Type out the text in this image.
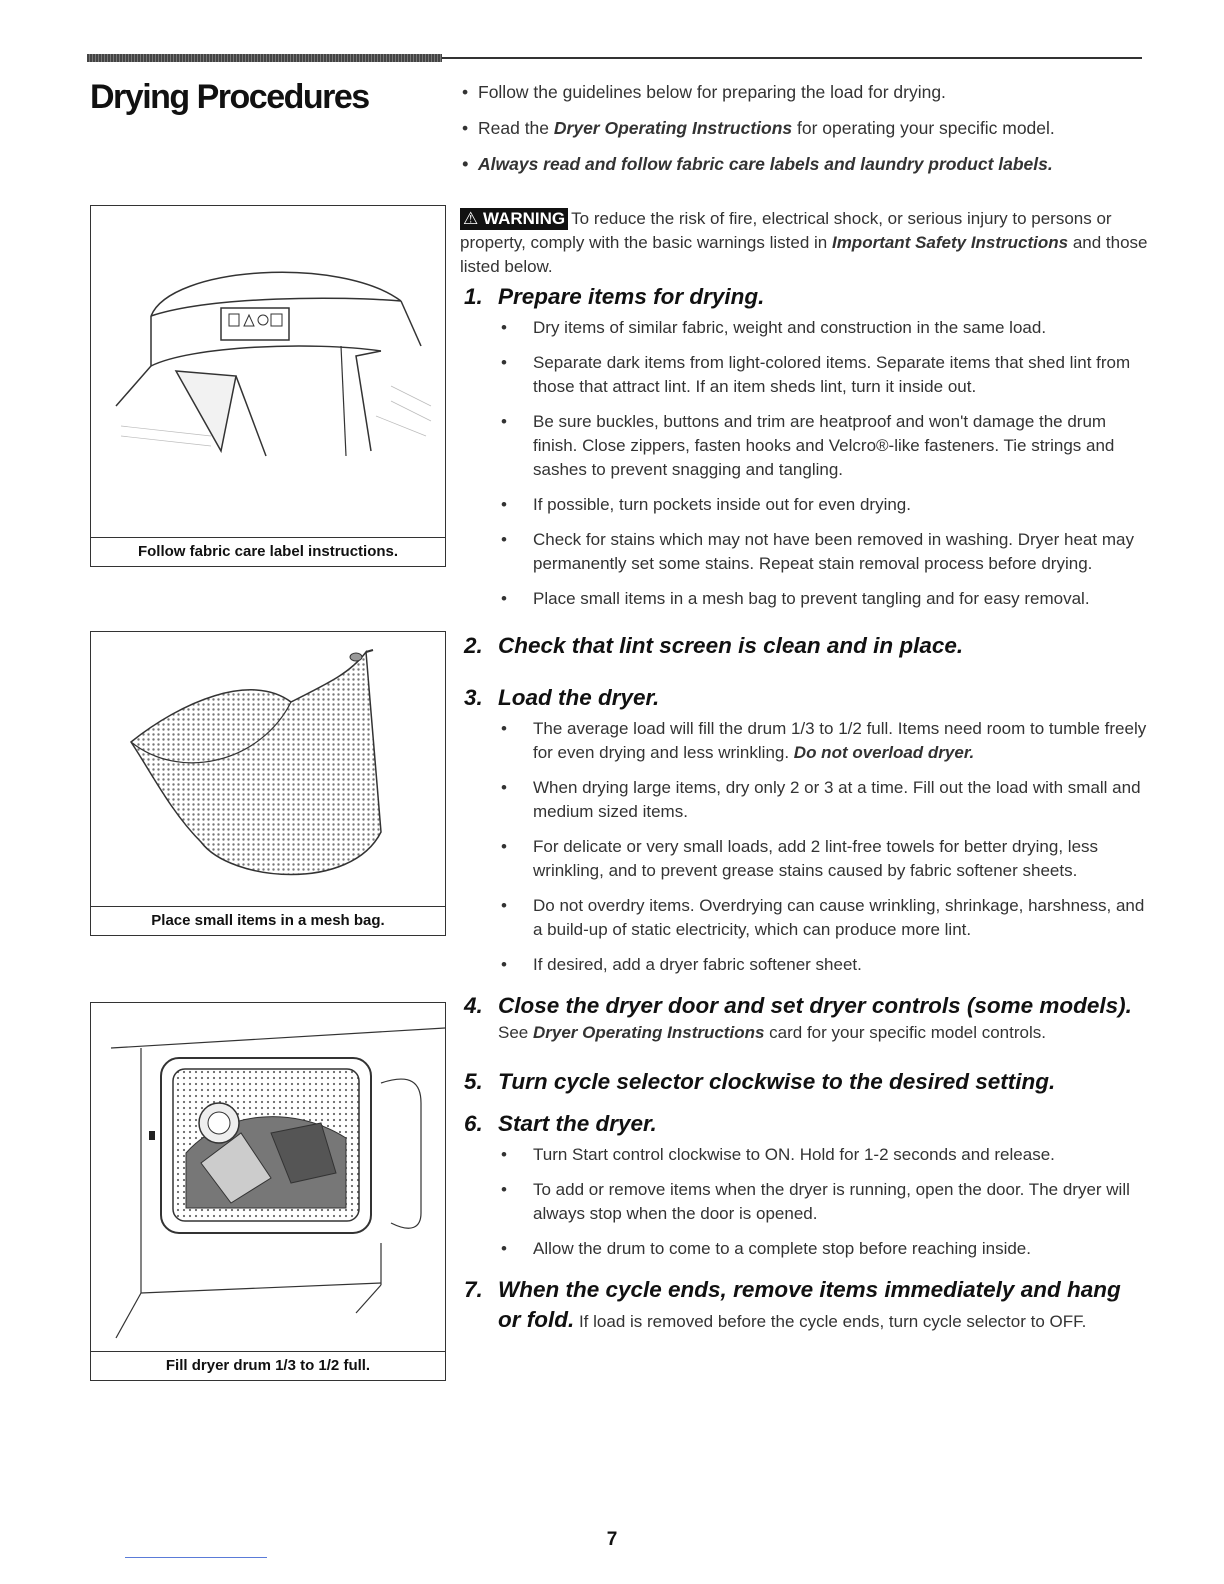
Drying Procedures	• Follow the guidelines below for preparing the load for drying.

• Read the Dryer Operating Instructions for operating your specific model.

• Always read and follow fabric care labels and laundry product labels.

Follow fabric care label instructions.
Place small items in a mesh bag.
Fill dryer drum 1/3 to 1/2 full.
⚠ WARNING To reduce the risk of fire, electrical shock, or serious injury to persons or property, comply with the basic warnings listed in Important Safety Instructions and those listed below.
1. Prepare items for drying.
• Dry items of similar fabric, weight and construction in the same load.
• Separate dark items from light-colored items. Separate items that shed lint from those that attract lint. If an item sheds lint, turn it inside out.
• Be sure buckles, buttons and trim are heatproof and won't damage the drum finish. Close zippers, fasten hooks and Velcro®-like fasteners. Tie strings and sashes to prevent snagging and tangling.
• If possible, turn pockets inside out for even drying.
• Check for stains which may not have been removed in washing. Dryer heat may permanently set some stains. Repeat stain removal process before drying.
• Place small items in a mesh bag to prevent tangling and for easy removal.
2. Check that lint screen is clean and in place.
3. Load the dryer.
• The average load will fill the drum 1/3 to 1/2 full. Items need room to tumble freely for even drying and less wrinkling. Do not overload dryer.
• When drying large items, dry only 2 or 3 at a time. Fill out the load with small and medium sized items.
• For delicate or very small loads, add 2 lint-free towels for better drying, less wrinkling, and to prevent grease stains caused by fabric softener sheets.
• Do not overdry items. Overdrying can cause wrinkling, shrinkage, harshness, and a build-up of static electricity, which can produce more lint.
• If desired, add a dryer fabric softener sheet.
4. Close the dryer door and set dryer controls (some models).
See Dryer Operating Instructions card for your specific model controls.
5. Turn cycle selector clockwise to the desired setting.
6. Start the dryer.
• Turn Start control clockwise to ON. Hold for 1-2 seconds and release.
• To add or remove items when the dryer is running, open the door. The dryer will always stop when the door is opened.
• Allow the drum to come to a complete stop before reaching inside.
7. When the cycle ends, remove items immediately and hang or fold. If load is removed before the cycle ends, turn cycle selector to OFF.
7
